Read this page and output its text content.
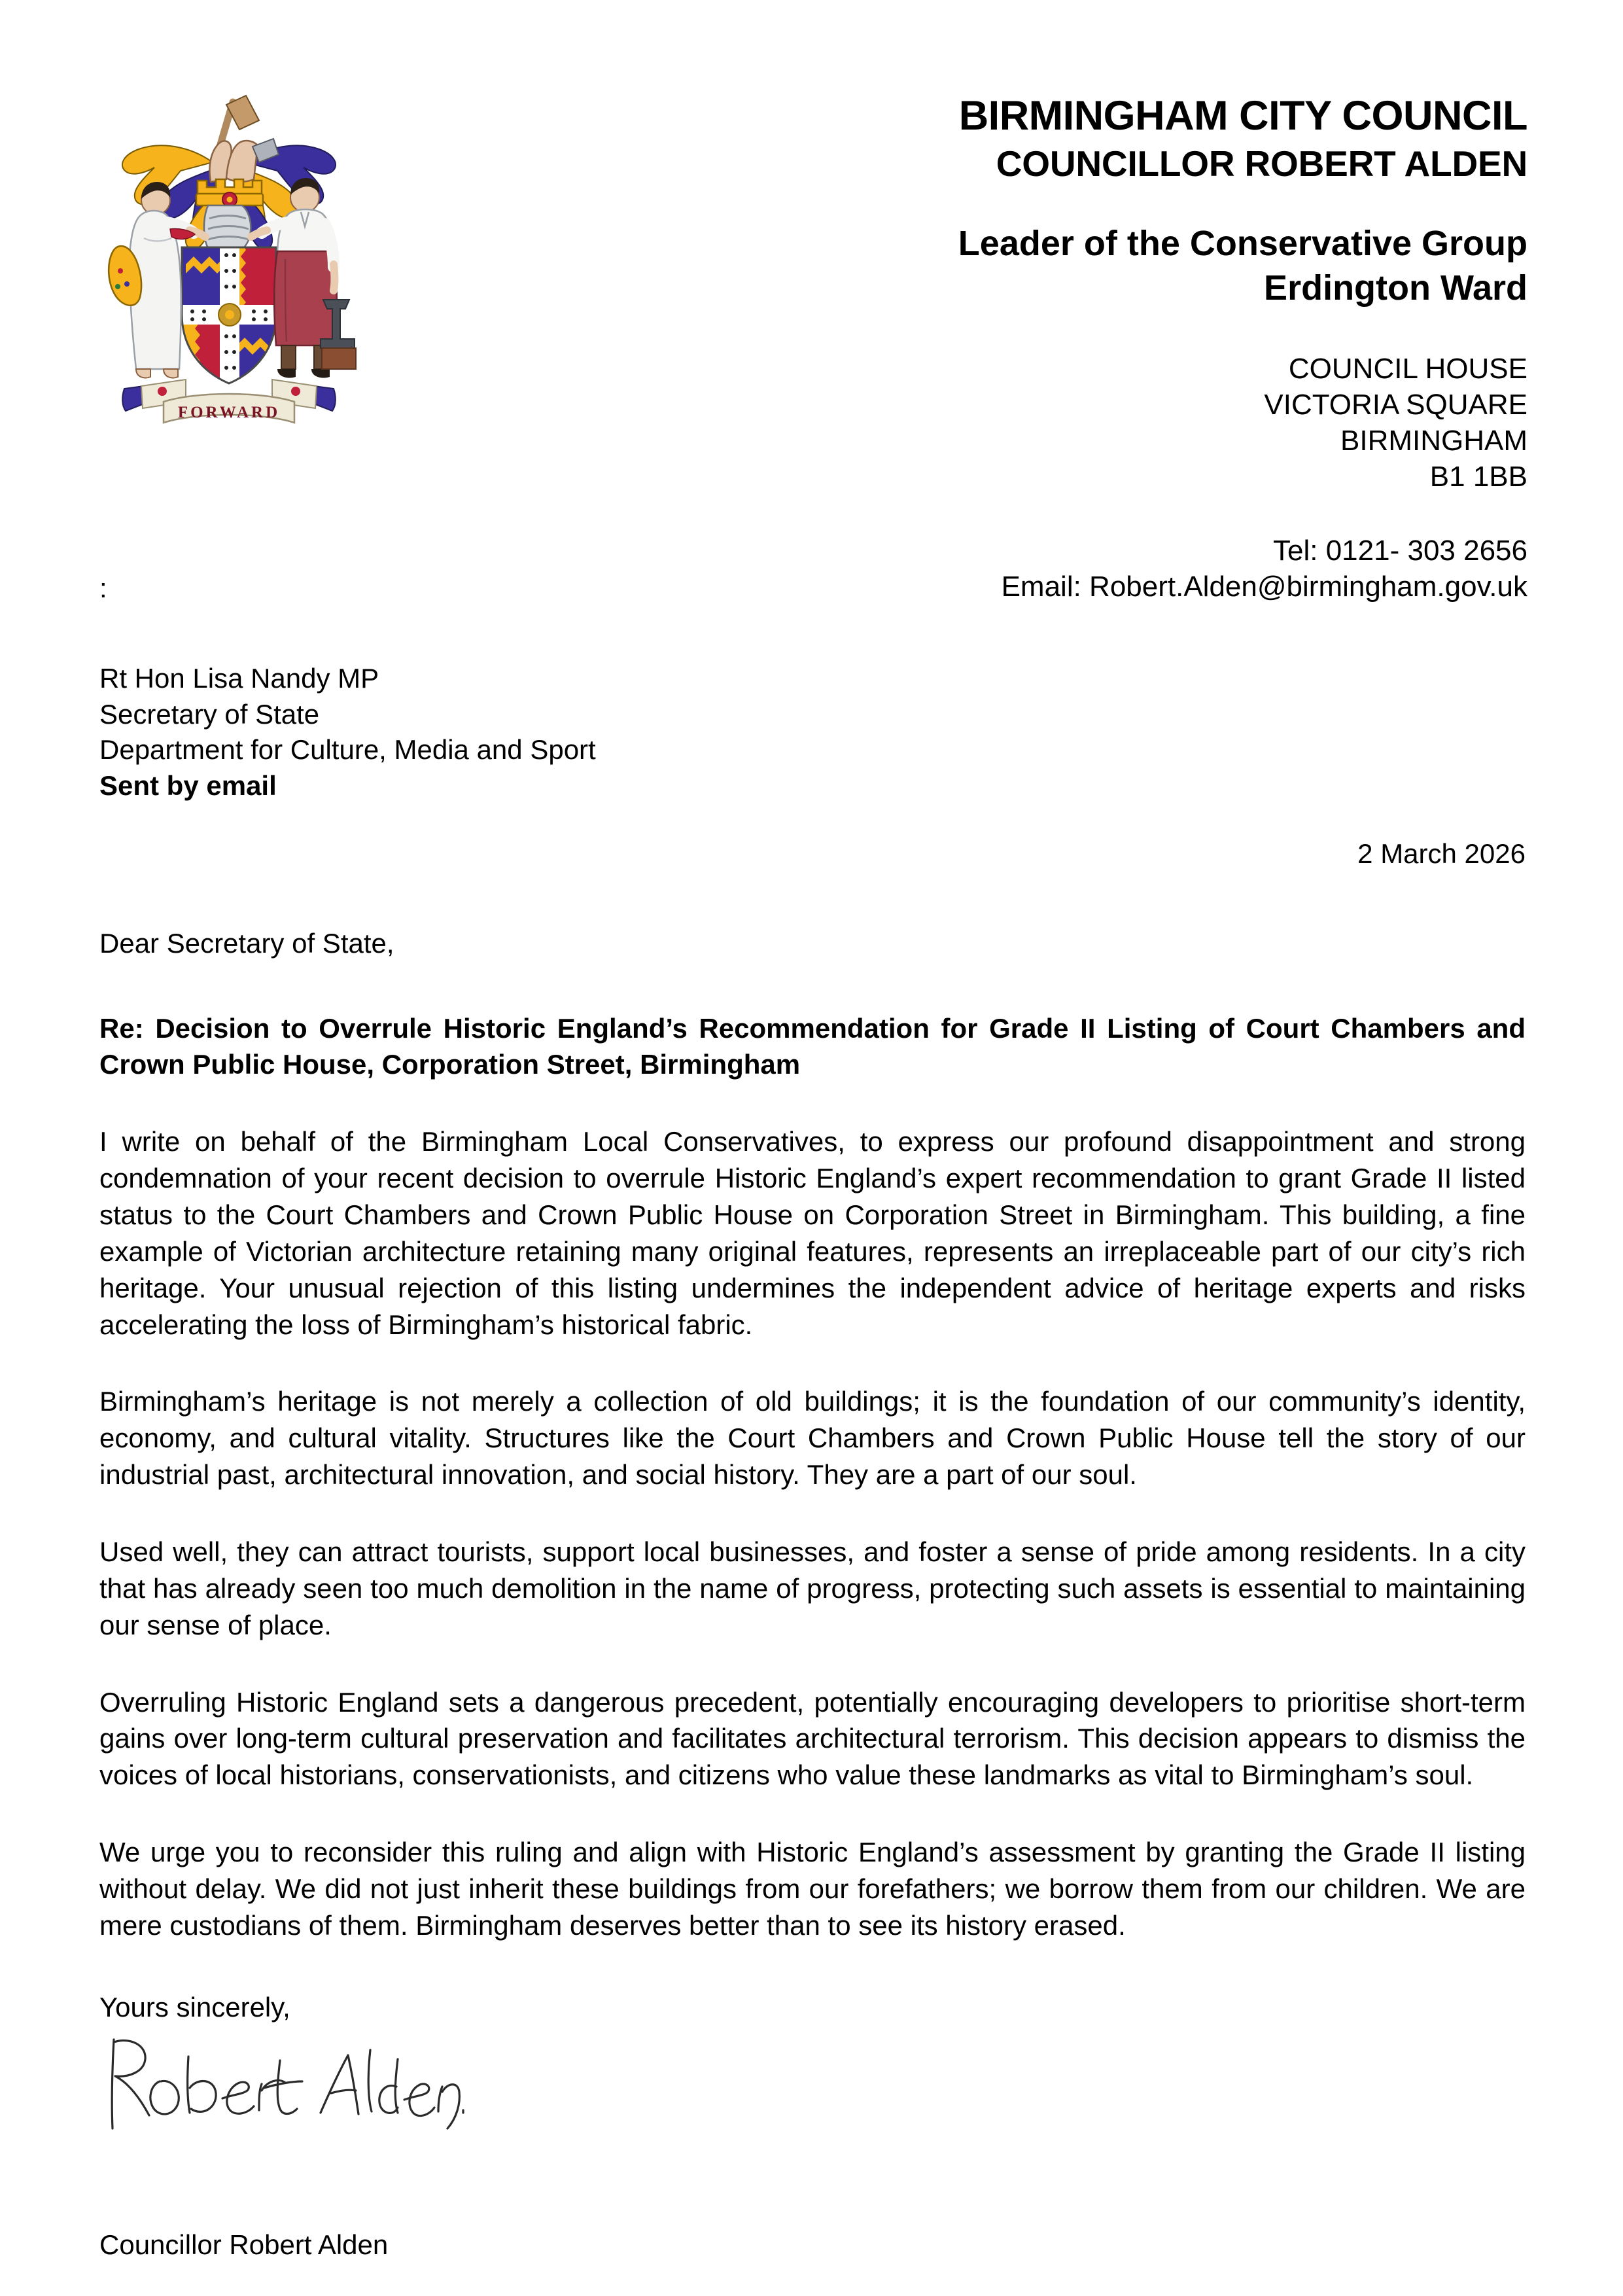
FORWARD
BIRMINGHAM CITY COUNCIL
COUNCILLOR ROBERT ALDEN
Leader of the Conservative Group
Erdington Ward
COUNCIL HOUSE
VICTORIA SQUARE
BIRMINGHAM
B1 1BB
Tel: 0121- 303 2656
Email: Robert.Alden@birmingham.gov.uk
:
Rt Hon Lisa Nandy MP
Secretary of State
Department for Culture, Media and Sport
Sent by email
2 March 2026
Dear Secretary of State,
Re: Decision to Overrule Historic England’s Recommendation for Grade II Listing of Court Chambers and Crown Public House, Corporation Street, Birmingham

I write on behalf of the Birmingham Local Conservatives, to express our profound disappointment and strong condemnation of your recent decision to overrule Historic England’s expert recommendation to grant Grade II listed status to the Court Chambers and Crown Public House on Corporation Street in Birmingham. This building, a fine example of Victorian architecture retaining many original features, represents an irreplaceable part of our city’s rich heritage. Your unusual rejection of this listing undermines the independent advice of heritage experts and risks accelerating the loss of Birmingham’s historical fabric.

Birmingham’s heritage is not merely a collection of old buildings; it is the foundation of our community’s identity, economy, and cultural vitality. Structures like the Court Chambers and Crown Public House tell the story of our industrial past, architectural innovation, and social history. They are a part of our soul.

Used well, they can attract tourists, support local businesses, and foster a sense of pride among residents. In a city that has already seen too much demolition in the name of progress, protecting such assets is essential to maintaining our sense of place.

Overruling Historic England sets a dangerous precedent, potentially encouraging developers to prioritise short-term gains over long-term cultural preservation and facilitates architectural terrorism. This decision appears to dismiss the voices of local historians, conservationists, and citizens who value these landmarks as vital to Birmingham’s soul.

We urge you to reconsider this ruling and align with Historic England’s assessment by granting the Grade II listing without delay. We did not just inherit these buildings from our forefathers; we borrow them from our children. We are mere custodians of them. Birmingham deserves better than to see its history erased.

Yours sincerely,
Councillor Robert Alden
